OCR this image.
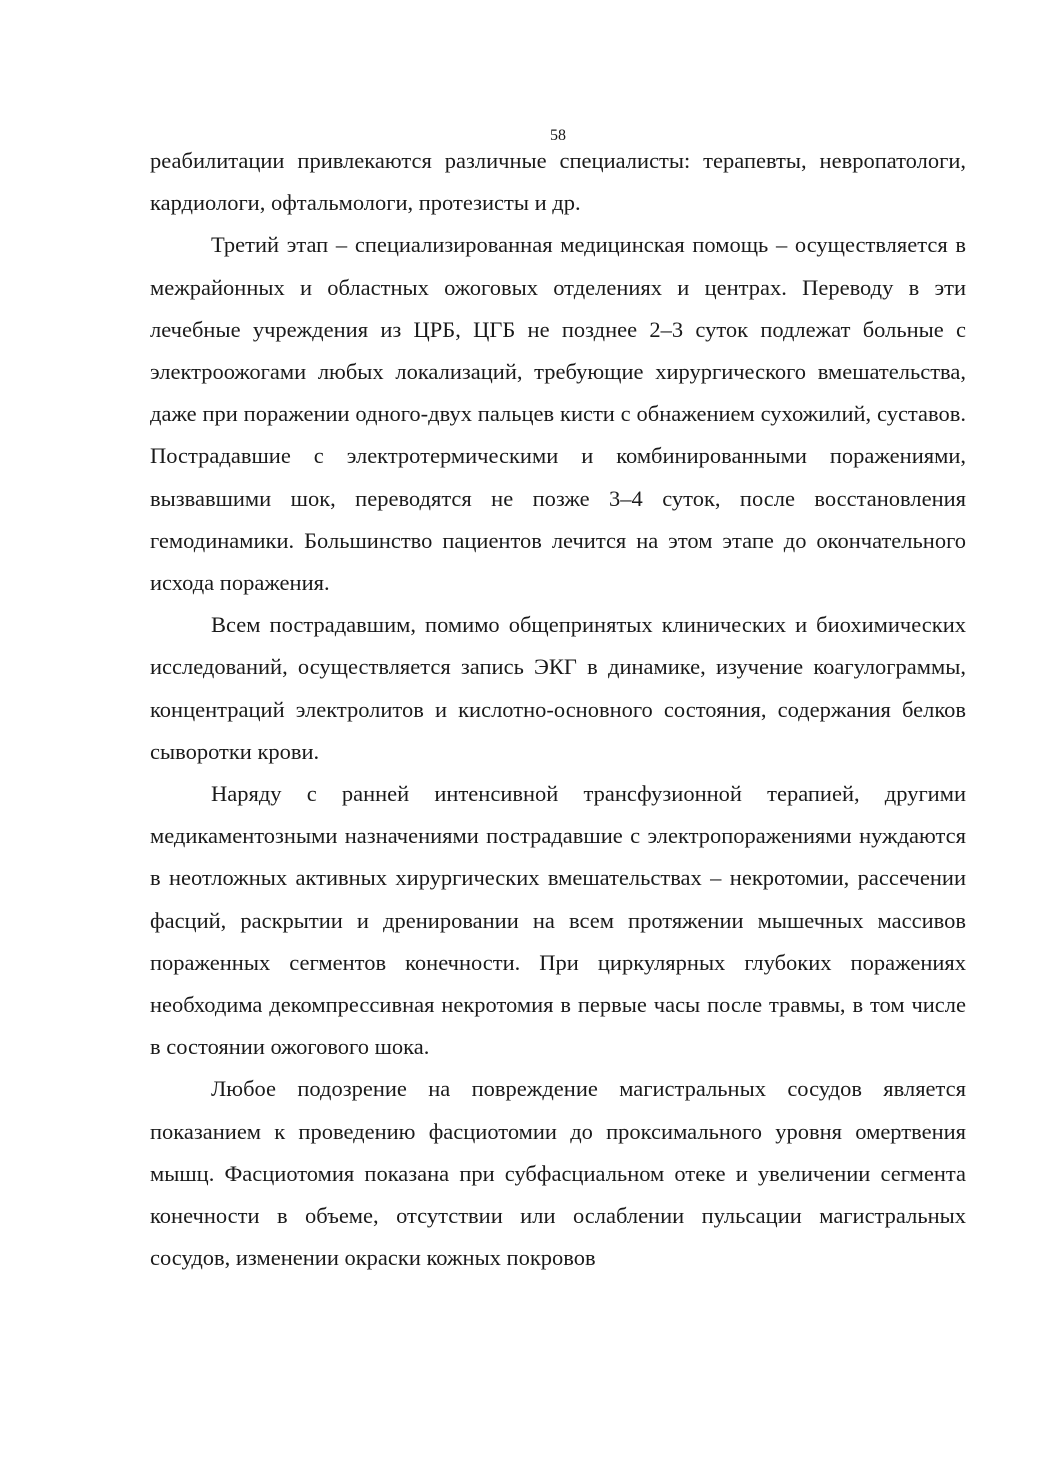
58

реабилитации привлекаются различные специалисты: терапевты, невропатологи, кардиологи, офтальмологи, протезисты и др.

Третий этап – специализированная медицинская помощь – осуществляется в межрайонных и областных ожоговых отделениях и центрах. Переводу в эти лечебные учреждения из ЦРБ, ЦГБ не позднее 2–3 суток подлежат больные с электроожогами любых локализаций, требующие хирургического вмешательства, даже при поражении одного-двух пальцев кисти с обнажением сухожилий, суставов. Пострадавшие с электротермическими и комбинированными поражениями, вызвавшими шок, переводятся не позже 3–4 суток, после восстановления гемодинамики. Большинство пациентов лечится на этом этапе до окончательного исхода поражения.

Всем пострадавшим, помимо общепринятых клинических и биохимических исследований, осуществляется запись ЭКГ в динамике, изучение коагулограммы, концентраций электролитов и кислотно-основного состояния, содержания белков сыворотки крови.

Наряду с ранней интенсивной трансфузионной терапией, другими медикаментозными назначениями пострадавшие с электропоражениями нуждаются в неотложных активных хирургических вмешательствах – некротомии, рассечении фасций, раскрытии и дренировании на всем протяжении мышечных массивов пораженных сегментов конечности. При циркулярных глубоких поражениях необходима декомпрессивная некротомия в первые часы после травмы, в том числе в состоянии ожогового шока.

Любое подозрение на повреждение магистральных сосудов является показанием к проведению фасциотомии до проксимального уровня омертвения мышц. Фасциотомия показана при субфасциальном отеке и увеличении сегмента конечности в объеме, отсутствии или ослаблении пульсации магистральных сосудов, изменении окраски кожных покровов
